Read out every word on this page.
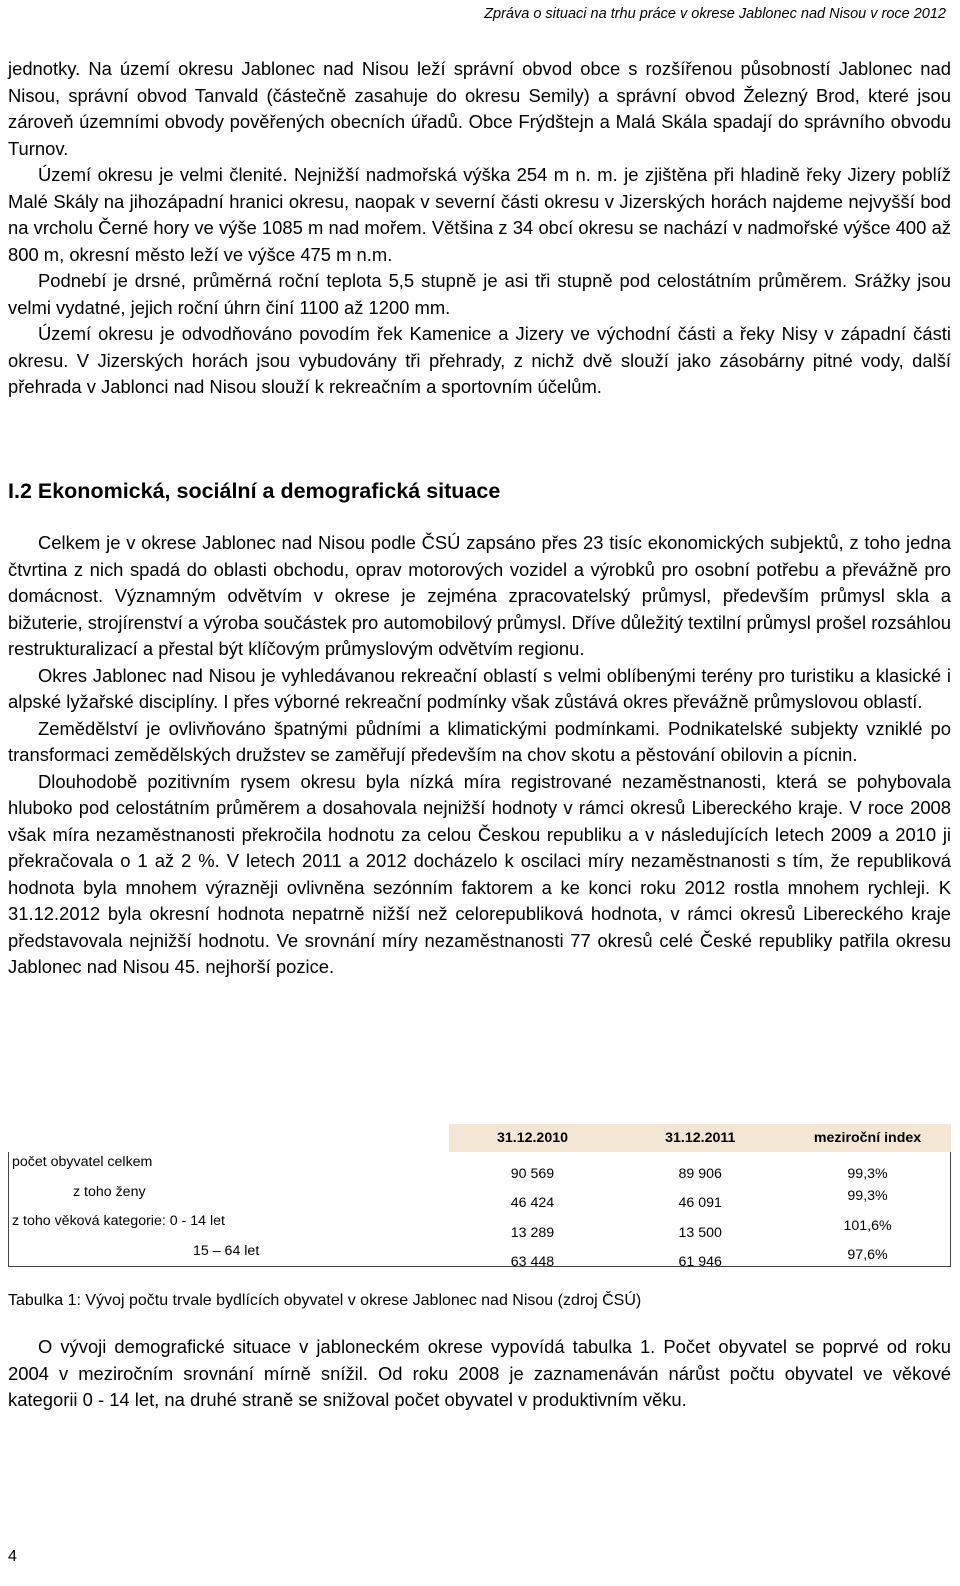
Zpráva o situaci na trhu práce v okrese Jablonec nad Nisou v roce 2012

jednotky. Na území okresu Jablonec nad Nisou leží správní obvod obce s rozšířenou působností Jablonec nad Nisou, správní obvod Tanvald (částečně zasahuje do okresu Semily) a správní obvod Železný Brod, které jsou zároveň územními obvody pověřených obecních úřadů. Obce Frýdštejn a Malá Skála spadají do správního obvodu Turnov.

Území okresu je velmi členité. Nejnižší nadmořská výška 254 m n. m. je zjištěna při hladině řeky Jizery poblíž Malé Skály na jihozápadní hranici okresu, naopak v severní části okresu v Jizerských horách najdeme nejvyšší bod na vrcholu Černé hory ve výše 1085 m nad mořem. Většina z 34 obcí okresu se nachází v nadmořské výšce 400 až 800 m, okresní město leží ve výšce 475 m n.m.

Podnebí je drsné, průměrná roční teplota 5,5 stupně je asi tři stupně pod celostátním průměrem. Srážky jsou velmi vydatné, jejich roční úhrn činí 1100 až 1200 mm.

Území okresu je odvodňováno povodím řek Kamenice a Jizery ve východní části a řeky Nisy v západní části okresu. V Jizerských horách jsou vybudovány tři přehrady, z nichž dvě slouží jako zásobárny pitné vody, další přehrada v Jablonci nad Nisou slouží k rekreačním a sportovním účelům.

I.2 Ekonomická, sociální a demografická situace

Celkem je v okrese Jablonec nad Nisou podle ČSÚ zapsáno přes 23 tisíc ekonomických subjektů, z toho jedna čtvrtina z nich spadá do oblasti obchodu, oprav motorových vozidel a výrobků pro osobní potřebu a převážně pro domácnost. Významným odvětvím v okrese je zejména zpracovatelský průmysl, především průmysl skla a bižuterie, strojírenství a výroba součástek pro automobilový průmysl. Dříve důležitý textilní průmysl prošel rozsáhlou restrukturalizací a přestal být klíčovým průmyslovým odvětvím regionu.

Okres Jablonec nad Nisou je vyhledávanou rekreační oblastí s velmi oblíbenými terény pro turistiku a klasické i alpské lyžařské disciplíny. I přes výborné rekreační podmínky však zůstává okres převážně průmyslovou oblastí.

Zemědělství je ovlivňováno špatnými půdními a klimatickými podmínkami. Podnikatelské subjekty vzniklé po transformaci zemědělských družstev se zaměřují především na chov skotu a pěstování obilovin a pícnin.

Dlouhodobě pozitivním rysem okresu byla nízká míra registrované nezaměstnanosti, která se pohybovala hluboko pod celostátním průměrem a dosahovala nejnižší hodnoty v rámci okresů Libereckého kraje. V roce 2008 však míra nezaměstnanosti překročila hodnotu za celou Českou republiku a v následujících letech 2009 a 2010 ji překračovala o 1 až 2 %. V letech 2011 a 2012 docházelo k oscilaci míry nezaměstnanosti s tím, že republiková hodnota byla mnohem výrazněji ovlivněna sezónním faktorem a ke konci roku 2012 rostla mnohem rychleji. K 31.12.2012 byla okresní hodnota nepatrně nižší než celorepubliková hodnota, v rámci okresů Libereckého kraje představovala nejnižší hodnotu. Ve srovnání míry nezaměstnanosti 77 okresů celé České republiky patřila okresu Jablonec nad Nisou 45. nejhorší pozice.

	31.12.2010	31.12.2011	meziroční index
počet obyvatel celkem	90 569	89 906	99,3%
z toho ženy	46 424	46 091	99,3%
z toho věková kategorie: 0 - 14 let	13 289	13 500	101,6%
15 – 64 let	63 448	61 946	97,6%
Tabulka 1: Vývoj počtu trvale bydlících obyvatel v okrese Jablonec nad Nisou (zdroj ČSÚ)

O vývoji demografické situace v jabloneckém okrese vypovídá tabulka 1. Počet obyvatel se poprvé od roku 2004 v meziročním srovnání mírně snížil. Od roku 2008 je zaznamenáván nárůst počtu obyvatel ve věkové kategorii 0 - 14 let, na druhé straně se snižoval počet obyvatel v produktivním věku.

4
